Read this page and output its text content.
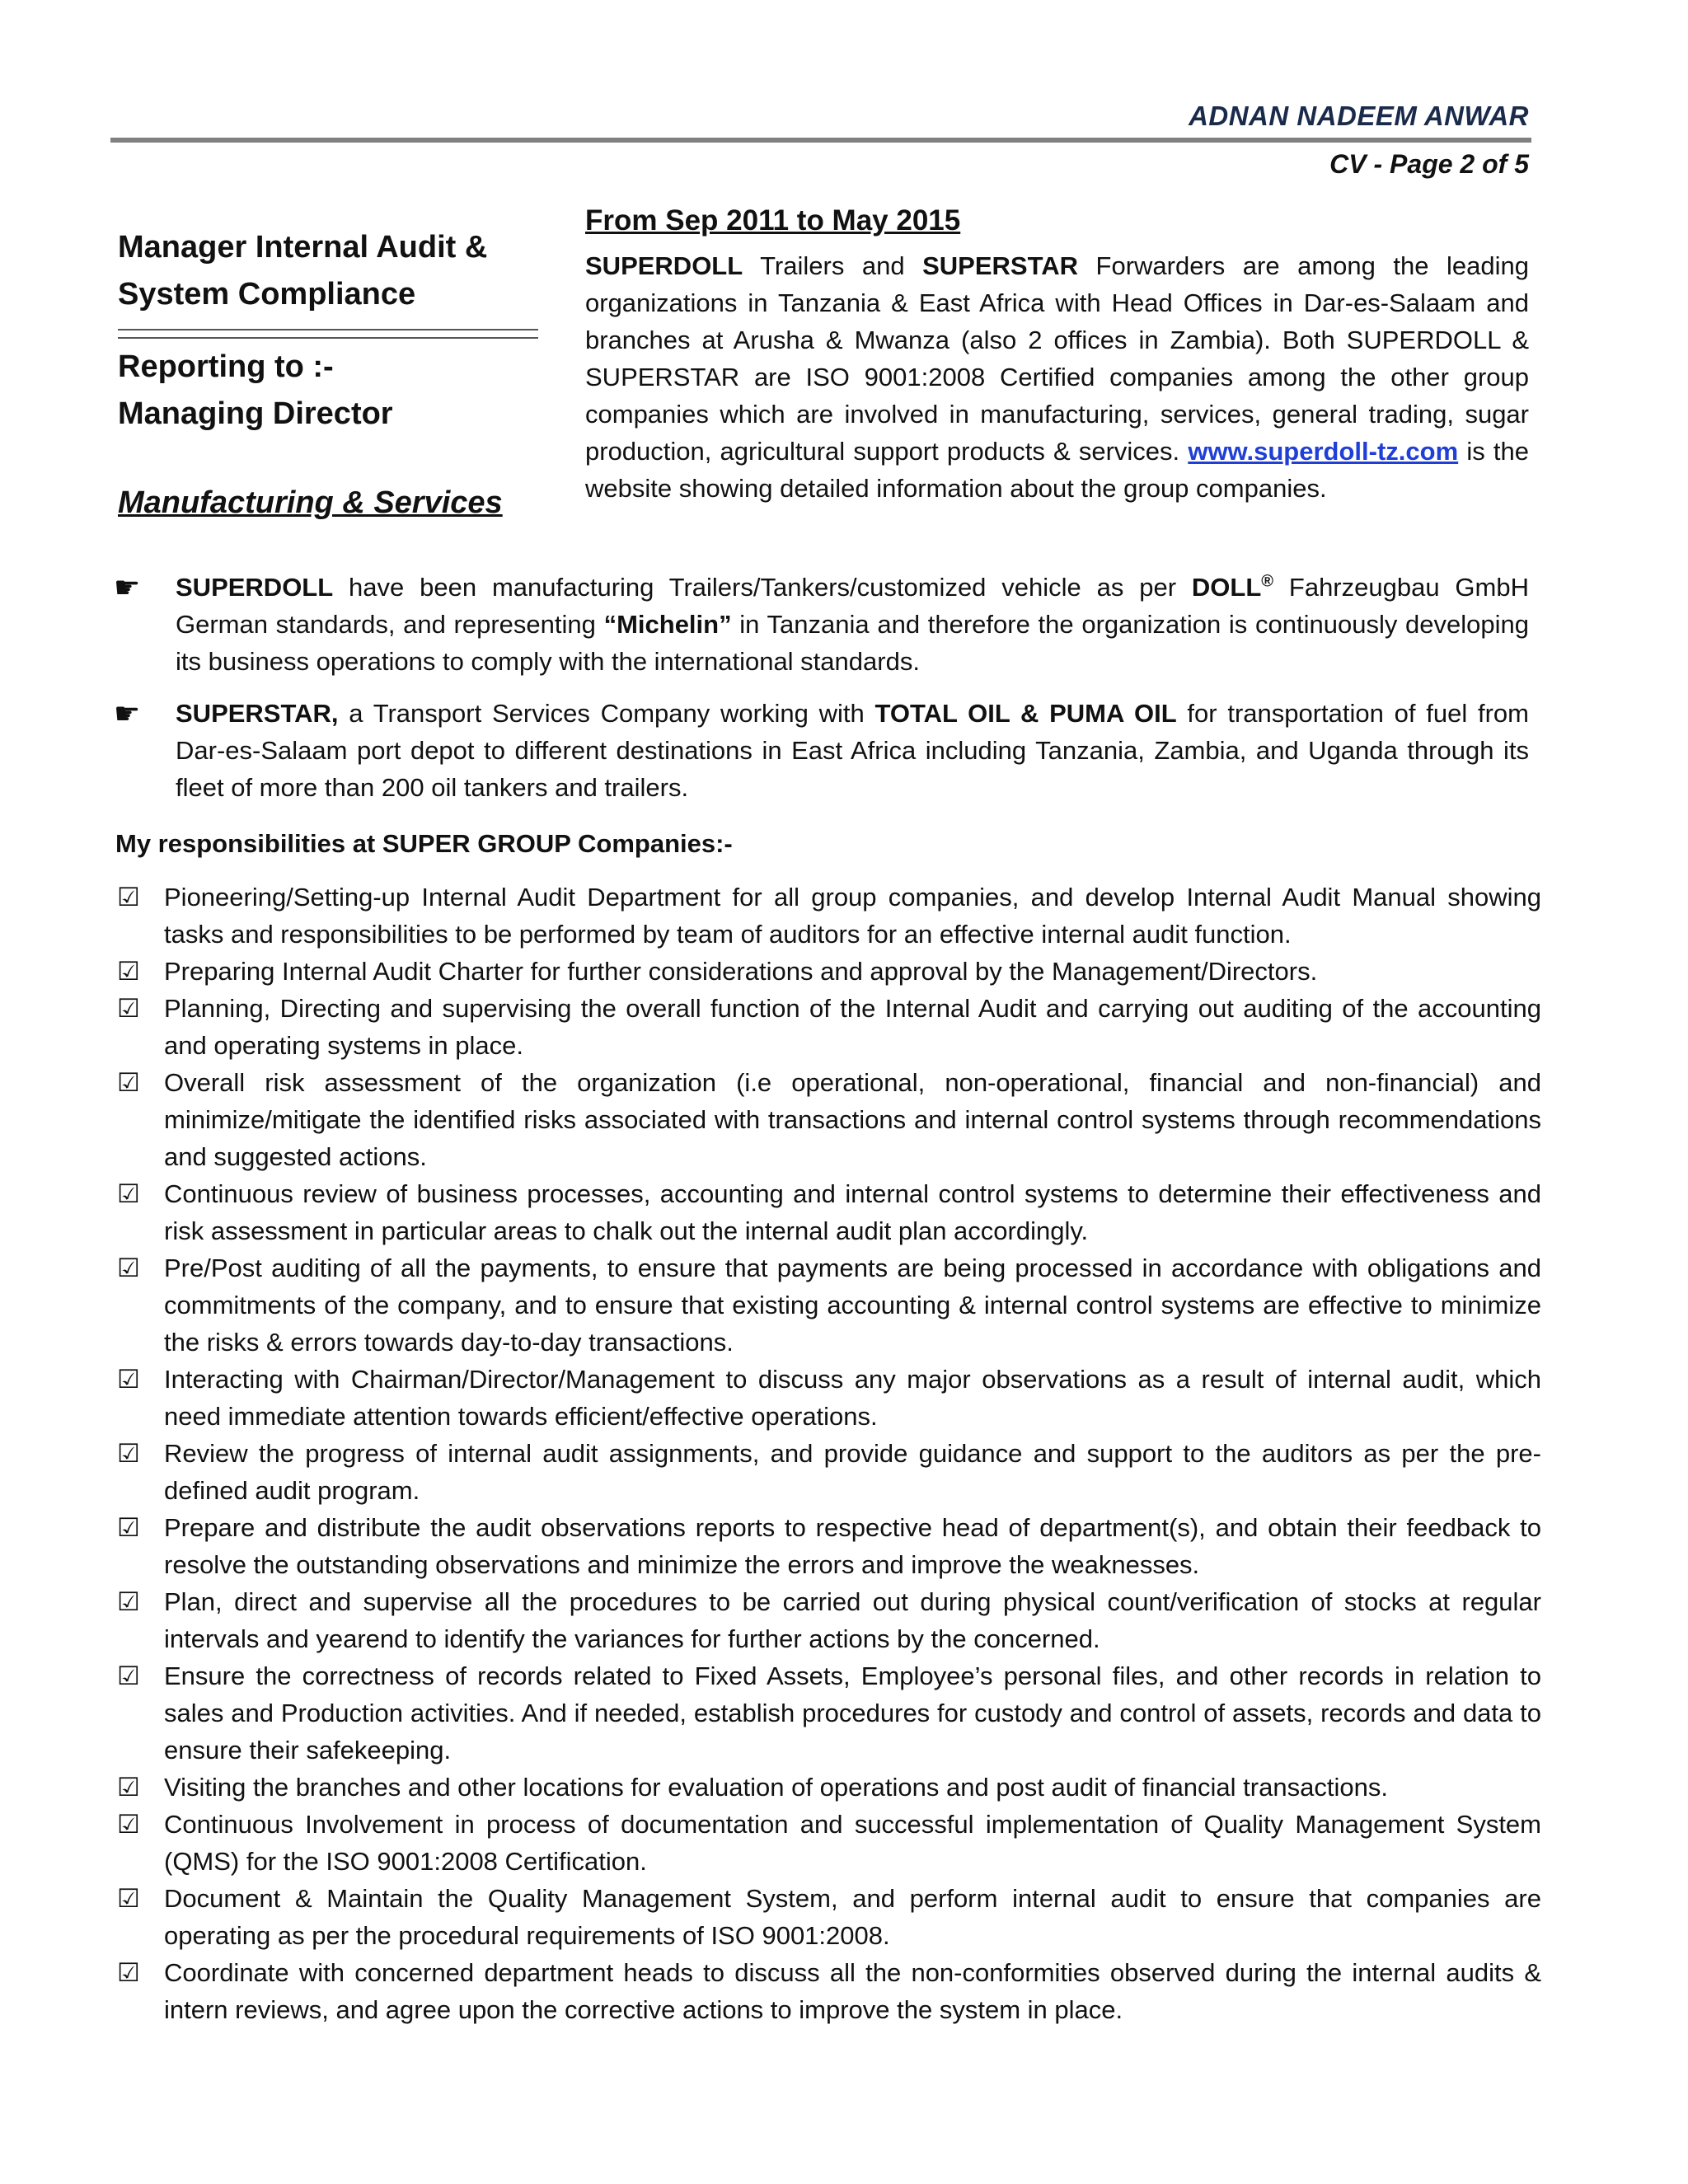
ADNAN NADEEM ANWAR
CV - Page 2 of 5
Manager Internal Audit &
System Compliance
Reporting to :-
Managing Director
Manufacturing & Services
From Sep 2011 to May 2015

SUPERDOLL Trailers and SUPERSTAR Forwarders are among the leading organizations in Tanzania & East Africa with Head Offices in Dar-es-Salaam and branches at Arusha & Mwanza (also 2 offices in Zambia). Both SUPERDOLL & SUPERSTAR are ISO 9001:2008 Certified companies among the other group companies which are involved in manufacturing, services, general trading, sugar production, agricultural support products & services. www.superdoll-tz.com is the website showing detailed information about the group companies.

☛ SUPERDOLL have been manufacturing Trailers/Tankers/customized vehicle as per DOLL® Fahrzeugbau GmbH German standards, and representing “Michelin” in Tanzania and therefore the organization is continuously developing its business operations to comply with the international standards.
☛ SUPERSTAR, a Transport Services Company working with TOTAL OIL & PUMA OIL for transportation of fuel from Dar-es-Salaam port depot to different destinations in East Africa including Tanzania, Zambia, and Uganda through its fleet of more than 200 oil tankers and trailers.
My responsibilities at SUPER GROUP Companies:-
☑ Pioneering/Setting-up Internal Audit Department for all group companies, and develop Internal Audit Manual showing tasks and responsibilities to be performed by team of auditors for an effective internal audit function.
☑ Preparing Internal Audit Charter for further considerations and approval by the Management/Directors.
☑ Planning, Directing and supervising the overall function of the Internal Audit and carrying out auditing of the accounting and operating systems in place.
☑ Overall risk assessment of the organization (i.e operational, non-operational, financial and non-financial) and minimize/mitigate the identified risks associated with transactions and internal control systems through recommendations and suggested actions.
☑ Continuous review of business processes, accounting and internal control systems to determine their effectiveness and risk assessment in particular areas to chalk out the internal audit plan accordingly.
☑ Pre/Post auditing of all the payments, to ensure that payments are being processed in accordance with obligations and commitments of the company, and to ensure that existing accounting & internal control systems are effective to minimize the risks & errors towards day-to-day transactions.
☑ Interacting with Chairman/Director/Management to discuss any major observations as a result of internal audit, which need immediate attention towards efficient/effective operations.
☑ Review the progress of internal audit assignments, and provide guidance and support to the auditors as per the pre-defined audit program.
☑ Prepare and distribute the audit observations reports to respective head of department(s), and obtain their feedback to resolve the outstanding observations and minimize the errors and improve the weaknesses.
☑ Plan, direct and supervise all the procedures to be carried out during physical count/verification of stocks at regular intervals and yearend to identify the variances for further actions by the concerned.
☑ Ensure the correctness of records related to Fixed Assets, Employee’s personal files, and other records in relation to sales and Production activities. And if needed, establish procedures for custody and control of assets, records and data to ensure their safekeeping.
☑ Visiting the branches and other locations for evaluation of operations and post audit of financial transactions.
☑ Continuous Involvement in process of documentation and successful implementation of Quality Management System (QMS) for the ISO 9001:2008 Certification.
☑ Document & Maintain the Quality Management System, and perform internal audit to ensure that companies are operating as per the procedural requirements of ISO 9001:2008.
☑ Coordinate with concerned department heads to discuss all the non-conformities observed during the internal audits & intern reviews, and agree upon the corrective actions to improve the system in place.
